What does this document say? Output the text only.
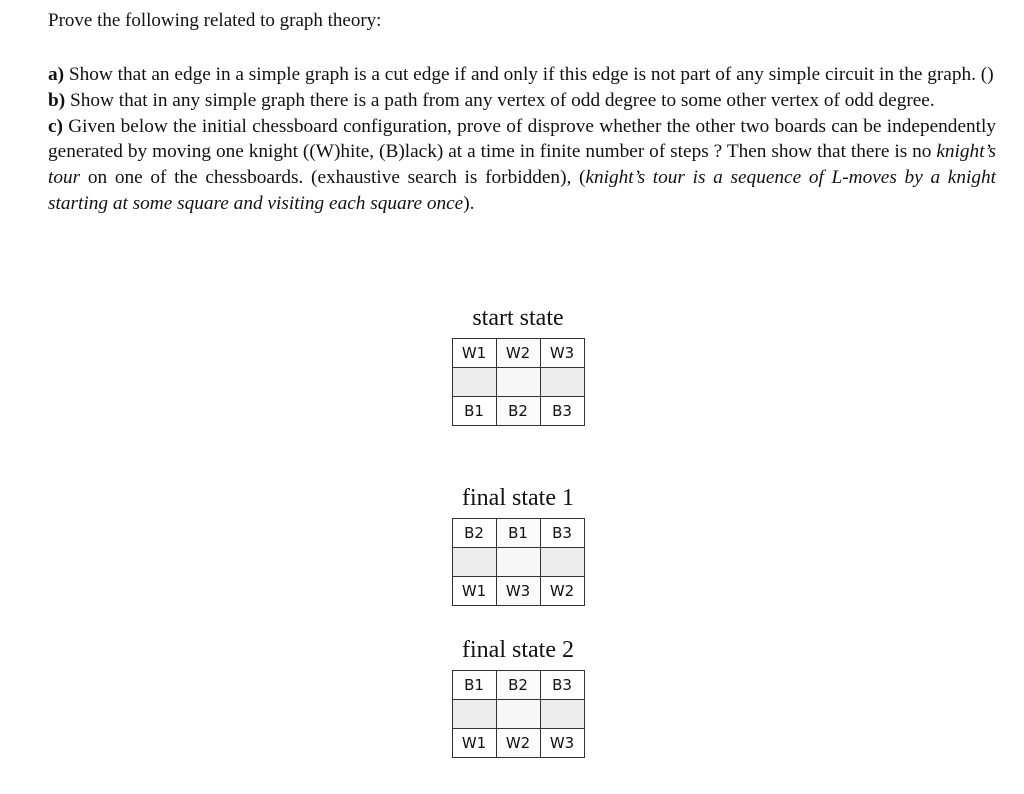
Prove the following related to graph theory:

a) Show that an edge in a simple graph is a cut edge if and only if this edge is not part of any simple circuit in the graph. ()

b) Show that in any simple graph there is a path from any vertex of odd degree to some other vertex of odd degree.

c) Given below the initial chessboard configuration, prove of disprove whether the other two boards can be independently generated by moving one knight ((W)hite, (B)lack) at a time in finite number of steps ? Then show that there is no knight’s tour on one of the chessboards. (exhaustive search is forbidden), (knight’s tour is a sequence of L-moves by a knight starting at some square and visiting each square once).

start state
W1	W2	W3

B1	B2	B3
final state 1
B2	B1	B3

W1	W3	W2
final state 2
B1	B2	B3

W1	W2	W3
